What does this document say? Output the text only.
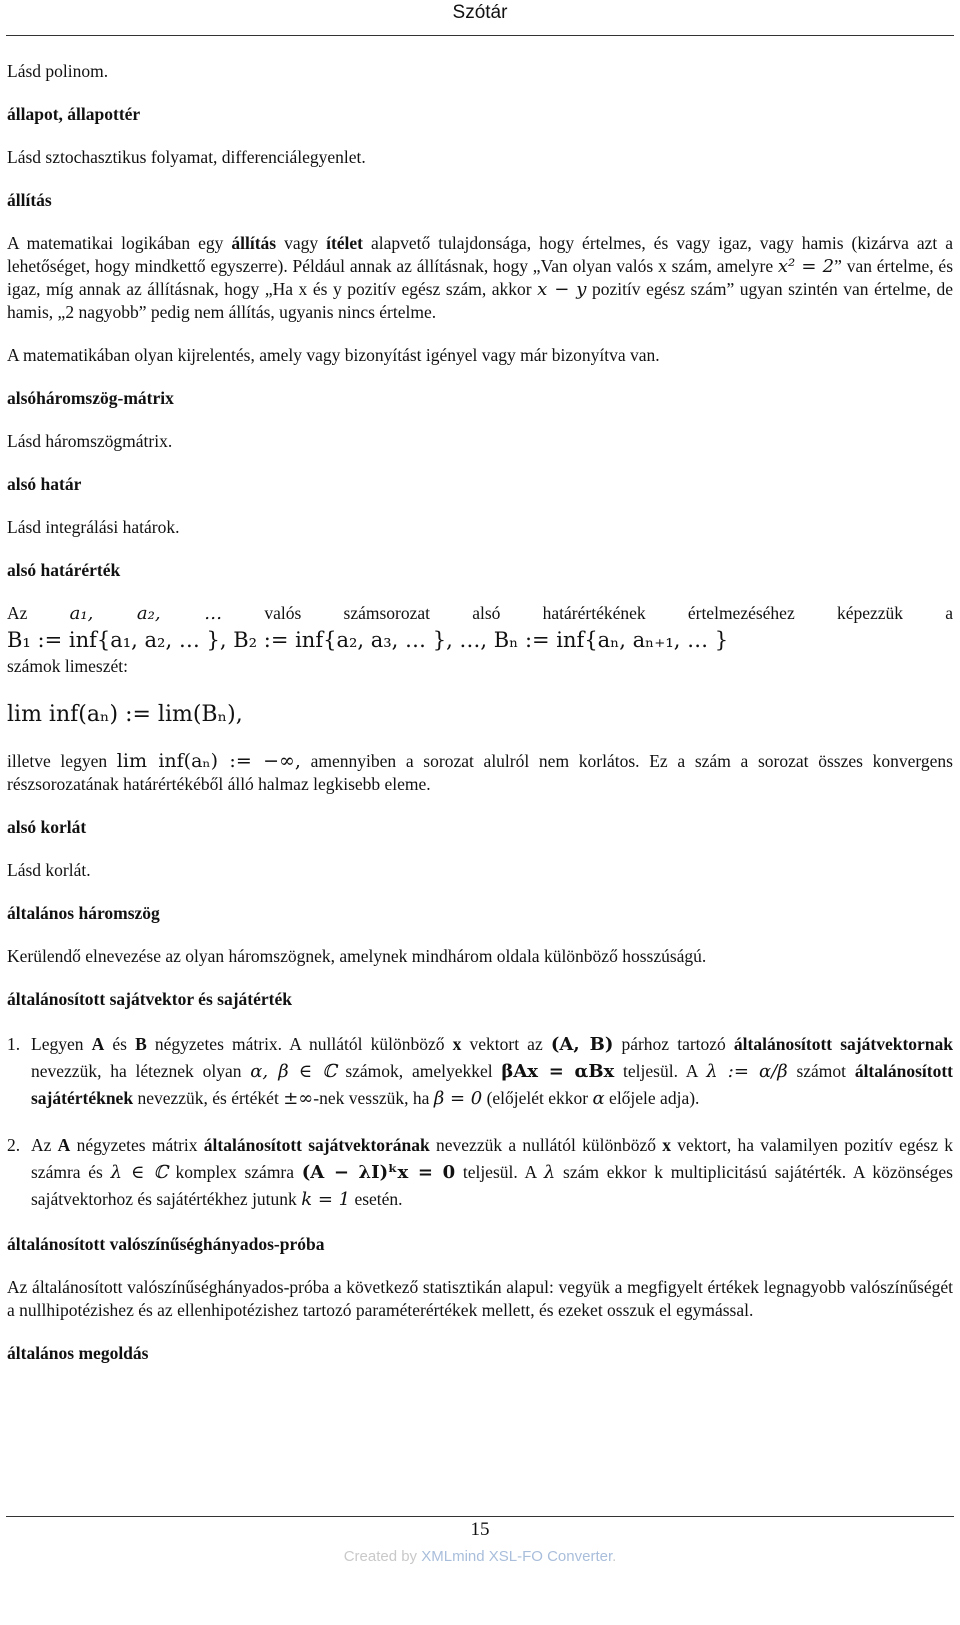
Szótár

Lásd polinom.

állapot, állapottér

Lásd sztochasztikus folyamat, differenciálegyenlet.

állítás

A matematikai logikában egy állítás vagy ítélet alapvető tulajdonsága, hogy értelmes, és vagy igaz, vagy hamis (kizárva azt a lehetőséget, hogy mindkettő egyszerre). Például annak az állításnak, hogy „Van olyan valós x szám, amelyre x² = 2” van értelme, és igaz, míg annak az állításnak, hogy „Ha x és y pozitív egész szám, akkor x − y pozitív egész szám” ugyan szintén van értelme, de hamis, „2 nagyobb” pedig nem állítás, ugyanis nincs értelme.

A matematikában olyan kijrelentés, amely vagy bizonyítást igényel vagy már bizonyítva van.

alsóháromszög-mátrix

Lásd háromszögmátrix.

alsó határ

Lásd integrálási határok.

alsó határérték

Az a₁, a₂, … valós számsorozat alsó határértékének értelmezéséhez képezzük a

B₁ := inf{a₁, a₂, … }, B₂ := inf{a₂, a₃, … }, …, Bₙ := inf{aₙ, aₙ₊₁, … }

számok limeszét:

lim inf(aₙ) := lim(Bₙ),

illetve legyen lim inf(aₙ) := −∞, amennyiben a sorozat alulról nem korlátos. Ez a szám a sorozat összes konvergens részsorozatának határértékéből álló halmaz legkisebb eleme.

alsó korlát

Lásd korlát.

általános háromszög

Kerülendő elnevezése az olyan háromszögnek, amelynek mindhárom oldala különböző hosszúságú.

általánosított sajátvektor és sajátérték

1. Legyen A és B négyzetes mátrix. A nullától különböző x vektort az (A, B) párhoz tartozó általánosított sajátvektornak nevezzük, ha léteznek olyan α, β ∈ ℂ számok, amelyekkel βAx = αBx teljesül. A λ := α/β számot általánosított sajátértéknek nevezzük, és értékét ±∞-nek vesszük, ha β = 0 (előjelét ekkor α előjele adja).
2. Az A négyzetes mátrix általánosított sajátvektorának nevezzük a nullától különböző x vektort, ha valamilyen pozitív egész k számra és λ ∈ ℂ komplex számra (A − λI)ᵏx = 0 teljesül. A λ szám ekkor k multiplicitású sajátérték. A közönséges sajátvektorhoz és sajátértékhez jutunk k = 1 esetén.

általánosított valószínűséghányados-próba

Az általánosított valószínűséghányados-próba a következő statisztikán alapul: vegyük a megfigyelt értékek legnagyobb valószínűségét a nullhipotézishez és az ellenhipotézishez tartozó paraméterértékek mellett, és ezeket osszuk el egymással.

általános megoldás

15
Created by XMLmind XSL-FO Converter.
